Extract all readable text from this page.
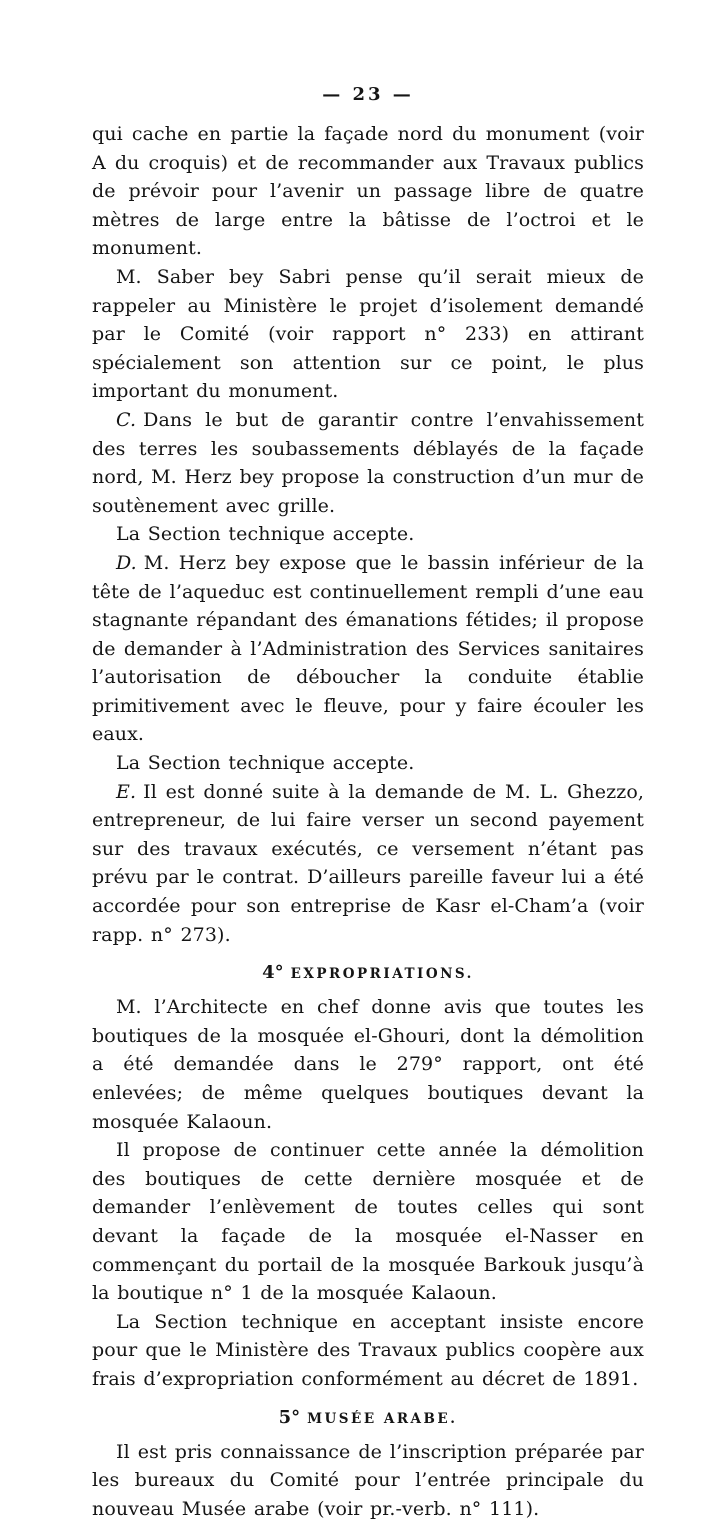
— 23 —

qui cache en partie la façade nord du monument (voir A du croquis) et de recommander aux Travaux publics de prévoir pour l’avenir un passage libre de quatre mètres de large entre la bâtisse de l’octroi et le monument.

M. Saber bey Sabri pense qu’il serait mieux de rappeler au Ministère le projet d’isolement demandé par le Comité (voir rapport n° 233) en attirant spécialement son attention sur ce point, le plus important du monument.

C. Dans le but de garantir contre l’envahissement des terres les soubassements déblayés de la façade nord, M. Herz bey propose la construction d’un mur de soutènement avec grille.

La Section technique accepte.

D. M. Herz bey expose que le bassin inférieur de la tête de l’aqueduc est continuellement rempli d’une eau stagnante répandant des émanations fétides; il propose de demander à l’Administration des Services sanitaires l’autorisation de déboucher la conduite établie primitivement avec le fleuve, pour y faire écouler les eaux.

La Section technique accepte.

E. Il est donné suite à la demande de M. L. Ghezzo, entrepreneur, de lui faire verser un second payement sur des travaux exécutés, ce versement n’étant pas prévu par le contrat. D’ailleurs pareille faveur lui a été accordée pour son entreprise de Kasr el-Cham’a (voir rapp. n° 273).

4° EXPROPRIATIONS.

M. l’Architecte en chef donne avis que toutes les boutiques de la mosquée el-Ghouri, dont la démolition a été demandée dans le 279° rapport, ont été enlevées; de même quelques boutiques devant la mosquée Kalaoun.

Il propose de continuer cette année la démolition des boutiques de cette dernière mosquée et de demander l’enlèvement de toutes celles qui sont devant la façade de la mosquée el-Nasser en commençant du portail de la mosquée Barkouk jusqu’à la boutique n° 1 de la mosquée Kalaoun.

La Section technique en acceptant insiste encore pour que le Ministère des Travaux publics coopère aux frais d’expropriation conformément au décret de 1891.

5° MUSÉE ARABE.

Il est pris connaissance de l’inscription préparée par les bureaux du Comité pour l’entrée principale du nouveau Musée arabe (voir pr.-verb. n° 111).
